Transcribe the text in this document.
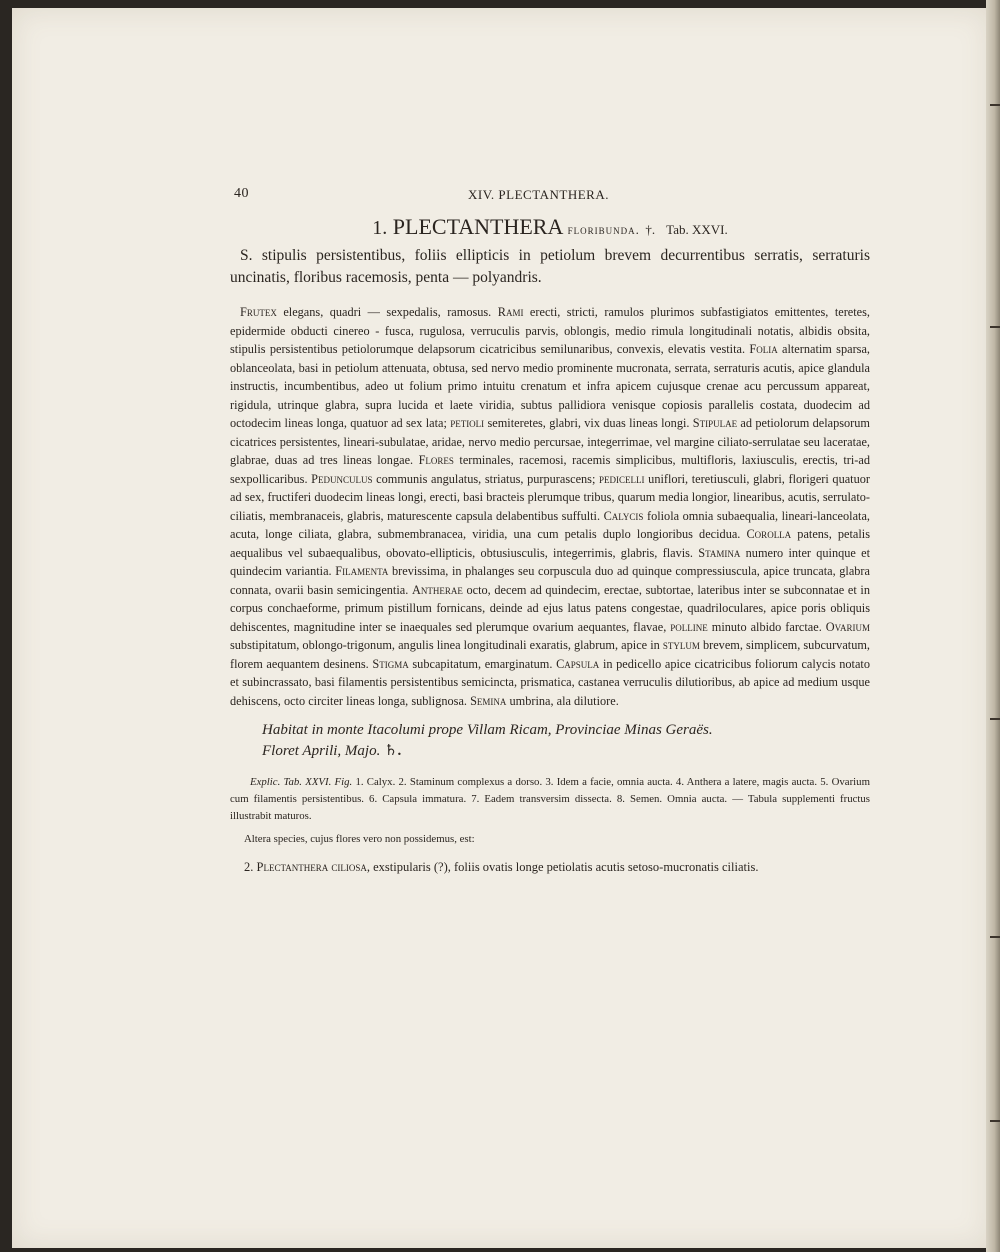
40	XIV. PLECTANTHERA.
1. PLECTANTHERA floribunda. †. Tab. XXVI.

S. stipulis persistentibus, foliis ellipticis in petiolum brevem decurrentibus serratis, serraturis uncinatis, floribus racemosis, penta — polyandris.

Frutex elegans, quadri — sexpedalis, ramosus. Rami erecti, stricti, ramulos plurimos subfastigiatos emittentes, teretes, epidermide obducti cinereo - fusca, rugulosa, verruculis parvis, oblongis, medio rimula longitudinali notatis, albidis obsita, stipulis persistentibus petiolorumque delapsorum cicatricibus semilunaribus, convexis, elevatis vestita. Folia alternatim sparsa, oblanceolata, basi in petiolum attenuata, obtusa, sed nervo medio prominente mucronata, serrata, serraturis acutis, apice glandula instructis, incumbentibus, adeo ut folium primo intuitu crenatum et infra apicem cujusque crenae acu percussum appareat, rigidula, utrinque glabra, supra lucida et laete viridia, subtus pallidiora venisque copiosis parallelis costata, duodecim ad octodecim lineas longa, quatuor ad sex lata; petioli semiteretes, glabri, vix duas lineas longi. Stipulae ad petiolorum delapsorum cicatrices persistentes, lineari-subulatae, aridae, nervo medio percursae, integerrimae, vel margine ciliato-serrulatae seu laceratae, glabrae, duas ad tres lineas longae. Flores terminales, racemosi, racemis simplicibus, multifloris, laxiusculis, erectis, tri-ad sexpollicaribus. Pedunculus communis angulatus, striatus, purpurascens; pedicelli uniflori, teretiusculi, glabri, florigeri quatuor ad sex, fructiferi duodecim lineas longi, erecti, basi bracteis plerumque tribus, quarum media longior, linearibus, acutis, serrulato-ciliatis, membranaceis, glabris, maturescente capsula delabentibus suffulti. Calycis foliola omnia subaequalia, lineari-lanceolata, acuta, longe ciliata, glabra, submembranacea, viridia, una cum petalis duplo longioribus decidua. Corolla patens, petalis aequalibus vel subaequalibus, obovato-ellipticis, obtusiusculis, integerrimis, glabris, flavis. Stamina numero inter quinque et quindecim variantia. Filamenta brevissima, in phalanges seu corpuscula duo ad quinque compressiuscula, apice truncata, glabra connata, ovarii basin semicingentia. Antherae octo, decem ad quindecim, erectae, subtortae, lateribus inter se subconnatae et in corpus conchaeforme, primum pistillum fornicans, deinde ad ejus latus patens congestae, quadriloculares, apice poris obliquis dehiscentes, magnitudine inter se inaequales sed plerumque ovarium aequantes, flavae, polline minuto albido farctae. Ovarium substipitatum, oblongo-trigonum, angulis linea longitudinali exaratis, glabrum, apice in stylum brevem, simplicem, subcurvatum, florem aequantem desinens. Stigma subcapitatum, emarginatum. Capsula in pedicello apice cicatricibus foliorum calycis notato et subincrassato, basi filamentis persistentibus semicincta, prismatica, castanea verruculis dilutioribus, ab apice ad medium usque dehiscens, octo circiter lineas longa, sublignosa. Semina umbrina, ala dilutiore.

Habitat in monte Itacolumi prope Villam Ricam, Provinciae Minas Geraës.

Floret Aprili, Majo. ♄.

Explic. Tab. XXVI. Fig. 1. Calyx. 2. Staminum complexus a dorso. 3. Idem a facie, omnia aucta. 4. Anthera a latere, magis aucta. 5. Ovarium cum filamentis persistentibus. 6. Capsula immatura. 7. Eadem transversim dissecta. 8. Semen. Omnia aucta. — Tabula supplementi fructus illustrabit maturos.

Altera species, cujus flores vero non possidemus, est:

2. Plectanthera ciliosa, exstipularis (?), foliis ovatis longe petiolatis acutis setoso-mucronatis ciliatis.
